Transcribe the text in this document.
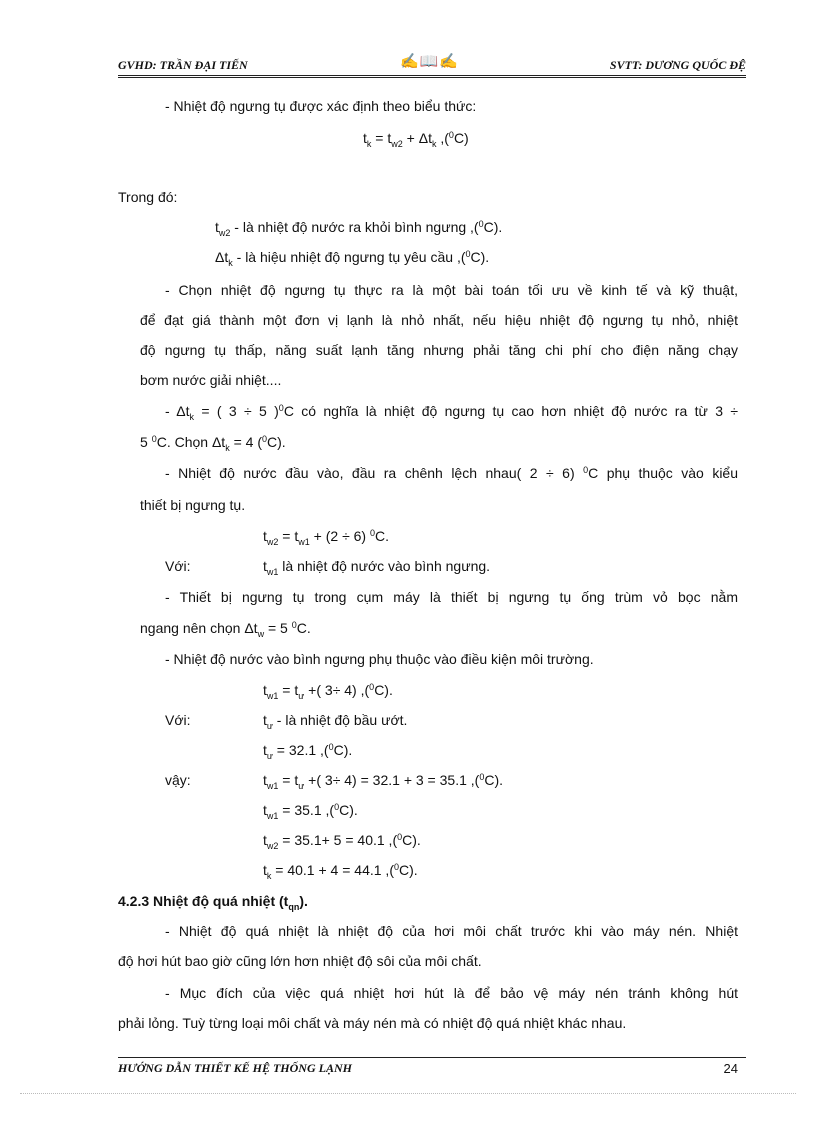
GVHD: TRẦN ĐẠI TIẾN	✍📖✍	SVTT: DƯƠNG QUỐC ĐỆ
- Nhiệt độ ngưng tụ được xác định theo biểu thức:
$t_k = t_{w2} + \Delta t_k$ ,($^0$C)
Trong đó:
$t_{w2}$ - là nhiệt độ nước ra khỏi bình ngưng ,($^0$C).
$\Delta t_k$ - là hiệu nhiệt độ ngưng tụ yêu cầu ,($^0$C).
- Chọn nhiệt độ ngưng tụ thực ra là một bài toán tối ưu về kinh tế và kỹ thuật,
để đạt giá thành một đơn vị lạnh là nhỏ nhất, nếu hiệu nhiệt độ ngưng tụ nhỏ, nhiệt
độ ngưng tụ thấp, năng suất lạnh tăng nhưng phải tăng chi phí cho điện năng chạy
bơm nước giải nhiệt....
- $\Delta t_k$ = ( 3 ÷ 5 )$^0$C có nghĩa là nhiệt độ ngưng tụ cao hơn nhiệt độ nước ra từ 3 ÷
5 $^0$C. Chọn $\Delta t_k = 4$ ($^0$C).
- Nhiệt độ nước đầu vào, đầu ra chênh lệch nhau( 2 ÷ 6) $^0$C phụ thuộc vào kiểu
thiết bị ngưng tụ.
$t_{w2} = t_{w1} + (2 \div 6)$ $^0$C.
Với:	$t_{w1}$ là nhiệt độ nước vào bình ngưng.
- Thiết bị ngưng tụ trong cụm máy là thiết bị ngưng tụ ống trùm vỏ bọc nằm
ngang nên chọn $\Delta t_w = 5$ $^0$C.
- Nhiệt độ nước vào bình ngưng phụ thuộc vào điều kiện môi trường.
$t_{w1} = t_ư$ +( 3÷ 4) ,($^0$C).
Với:	$t_ư$ - là nhiệt độ bầu ướt.
$t_ư = 32.1$ ,($^0$C).
vậy:	$t_{w1} = t_ư$ +( 3÷ 4) = 32.1 + 3 = 35.1 ,($^0$C).
$t_{w1} = 35.1$ ,($^0$C).
$t_{w2} = 35.1+ 5 = 40.1$ ,($^0$C).
$t_k = 40.1 + 4 = 44.1$ ,($^0$C).
4.2.3 Nhiệt độ quá nhiệt $(t_{qn})$.
- Nhiệt độ quá nhiệt là nhiệt độ của hơi môi chất trước khi vào máy nén. Nhiệt
độ hơi hút bao giờ cũng lớn hơn nhiệt độ sôi của môi chất.
- Mục đích của việc quá nhiệt hơi hút là để bảo vệ máy nén tránh không hút
phải lỏng. Tuỳ từng loại môi chất và máy nén mà có nhiệt độ quá nhiệt khác nhau.
HƯỚNG DẪN THIẾT KẾ HỆ THỐNG LẠNH	24
